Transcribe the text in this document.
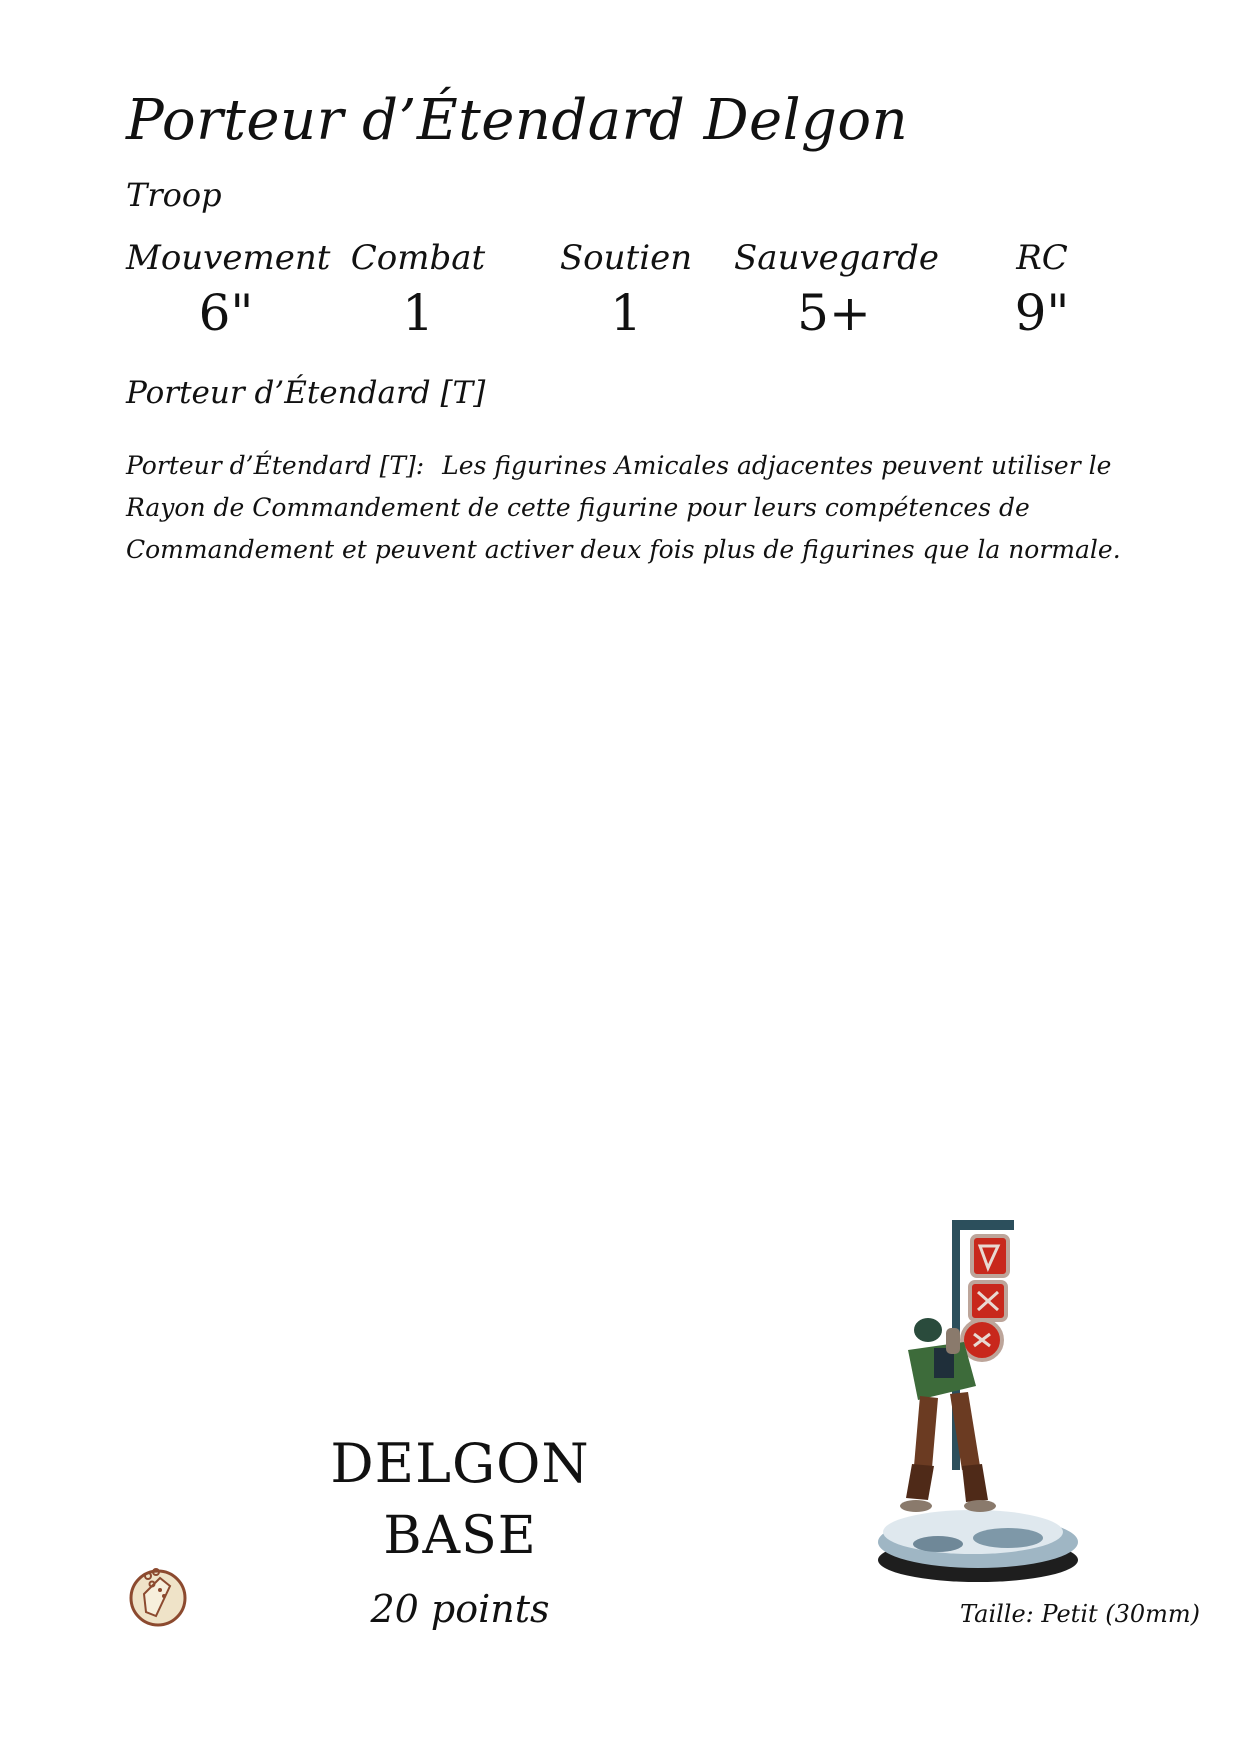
Porteur d’Étendard Delgon
Troop
Mouvement
6"
Combat
1
Soutien
1
Sauvegarde
5+
RC
9"
Porteur d’Étendard [T]
Porteur d’Étendard [T]: Les figurines Amicales adjacentes peuvent utiliser le Rayon de Commandement de cette figurine pour leurs compétences de Commandement et peuvent activer deux fois plus de figurines que la normale.
DELGON
BASE
20 points	Taille: Petit (30mm)
